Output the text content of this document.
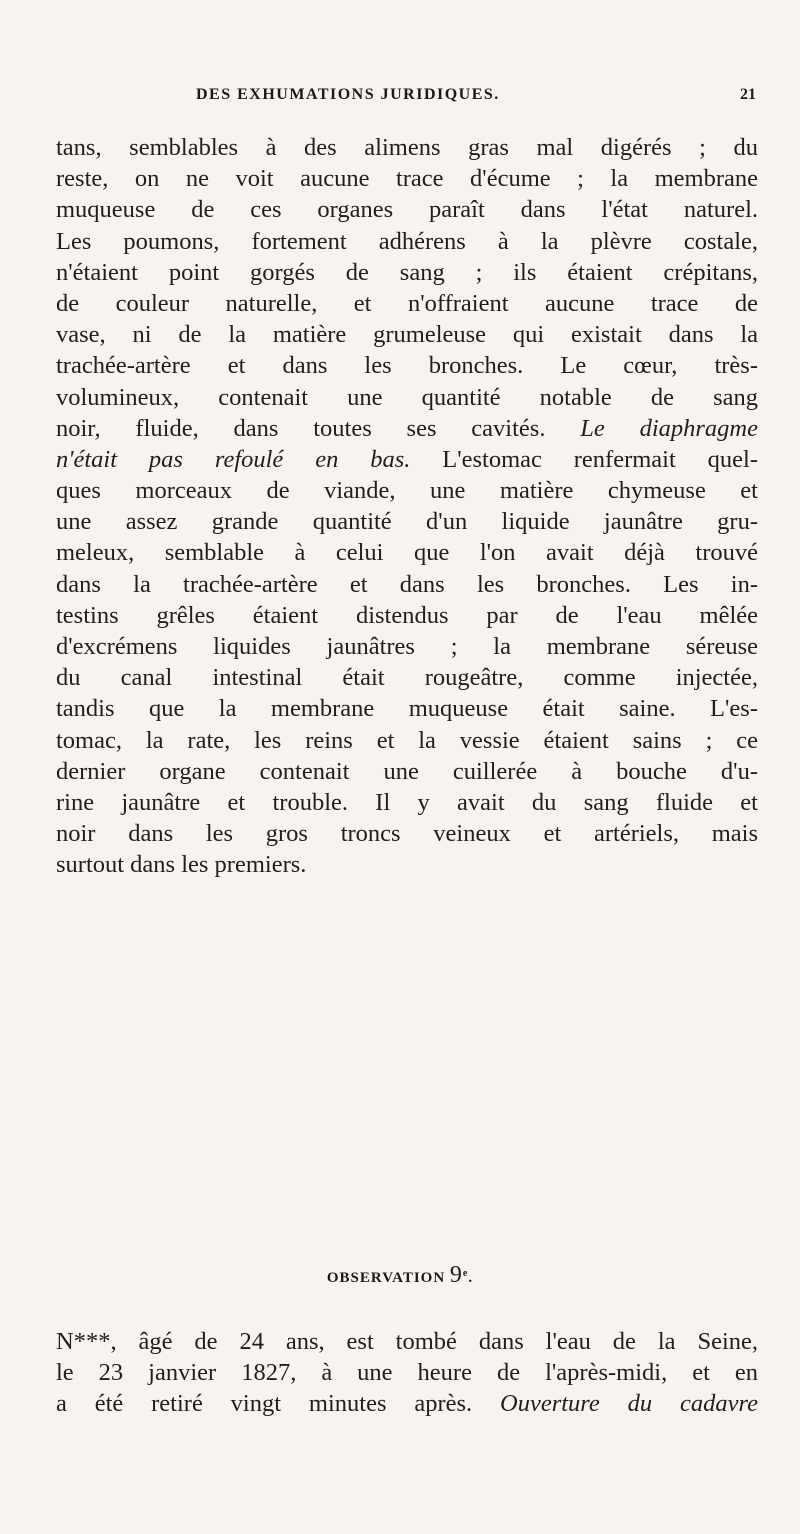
DES EXHUMATIONS JURIDIQUES.	21
tans, semblables à des alimens gras mal digérés ; du
reste, on ne voit aucune trace d'écume ; la membrane
muqueuse de ces organes paraît dans l'état naturel.
Les poumons, fortement adhérens à la plèvre costale,
n'étaient point gorgés de sang ; ils étaient crépitans,
de couleur naturelle, et n'offraient aucune trace de
vase, ni de la matière grumeleuse qui existait dans la
trachée-artère et dans les bronches. Le cœur, très-
volumineux, contenait une quantité notable de sang
noir, fluide, dans toutes ses cavités. Le diaphragme
n'était pas refoulé en bas. L'estomac renfermait quel-
ques morceaux de viande, une matière chymeuse et
une assez grande quantité d'un liquide jaunâtre gru-
meleux, semblable à celui que l'on avait déjà trouvé
dans la trachée-artère et dans les bronches. Les in-
testins grêles étaient distendus par de l'eau mêlée
d'excrémens liquides jaunâtres ; la membrane séreuse
du canal intestinal était rougeâtre, comme injectée,
tandis que la membrane muqueuse était saine. L'es-
tomac, la rate, les reins et la vessie étaient sains ; ce
dernier organe contenait une cuillerée à bouche d'u-
rine jaunâtre et trouble. Il y avait du sang fluide et
noir dans les gros troncs veineux et artériels, mais
surtout dans les premiers.
OBSERVATION 9e.
N***, âgé de 24 ans, est tombé dans l'eau de la Seine,
le 23 janvier 1827, à une heure de l'après-midi, et en
a été retiré vingt minutes après. Ouverture du cadavre
